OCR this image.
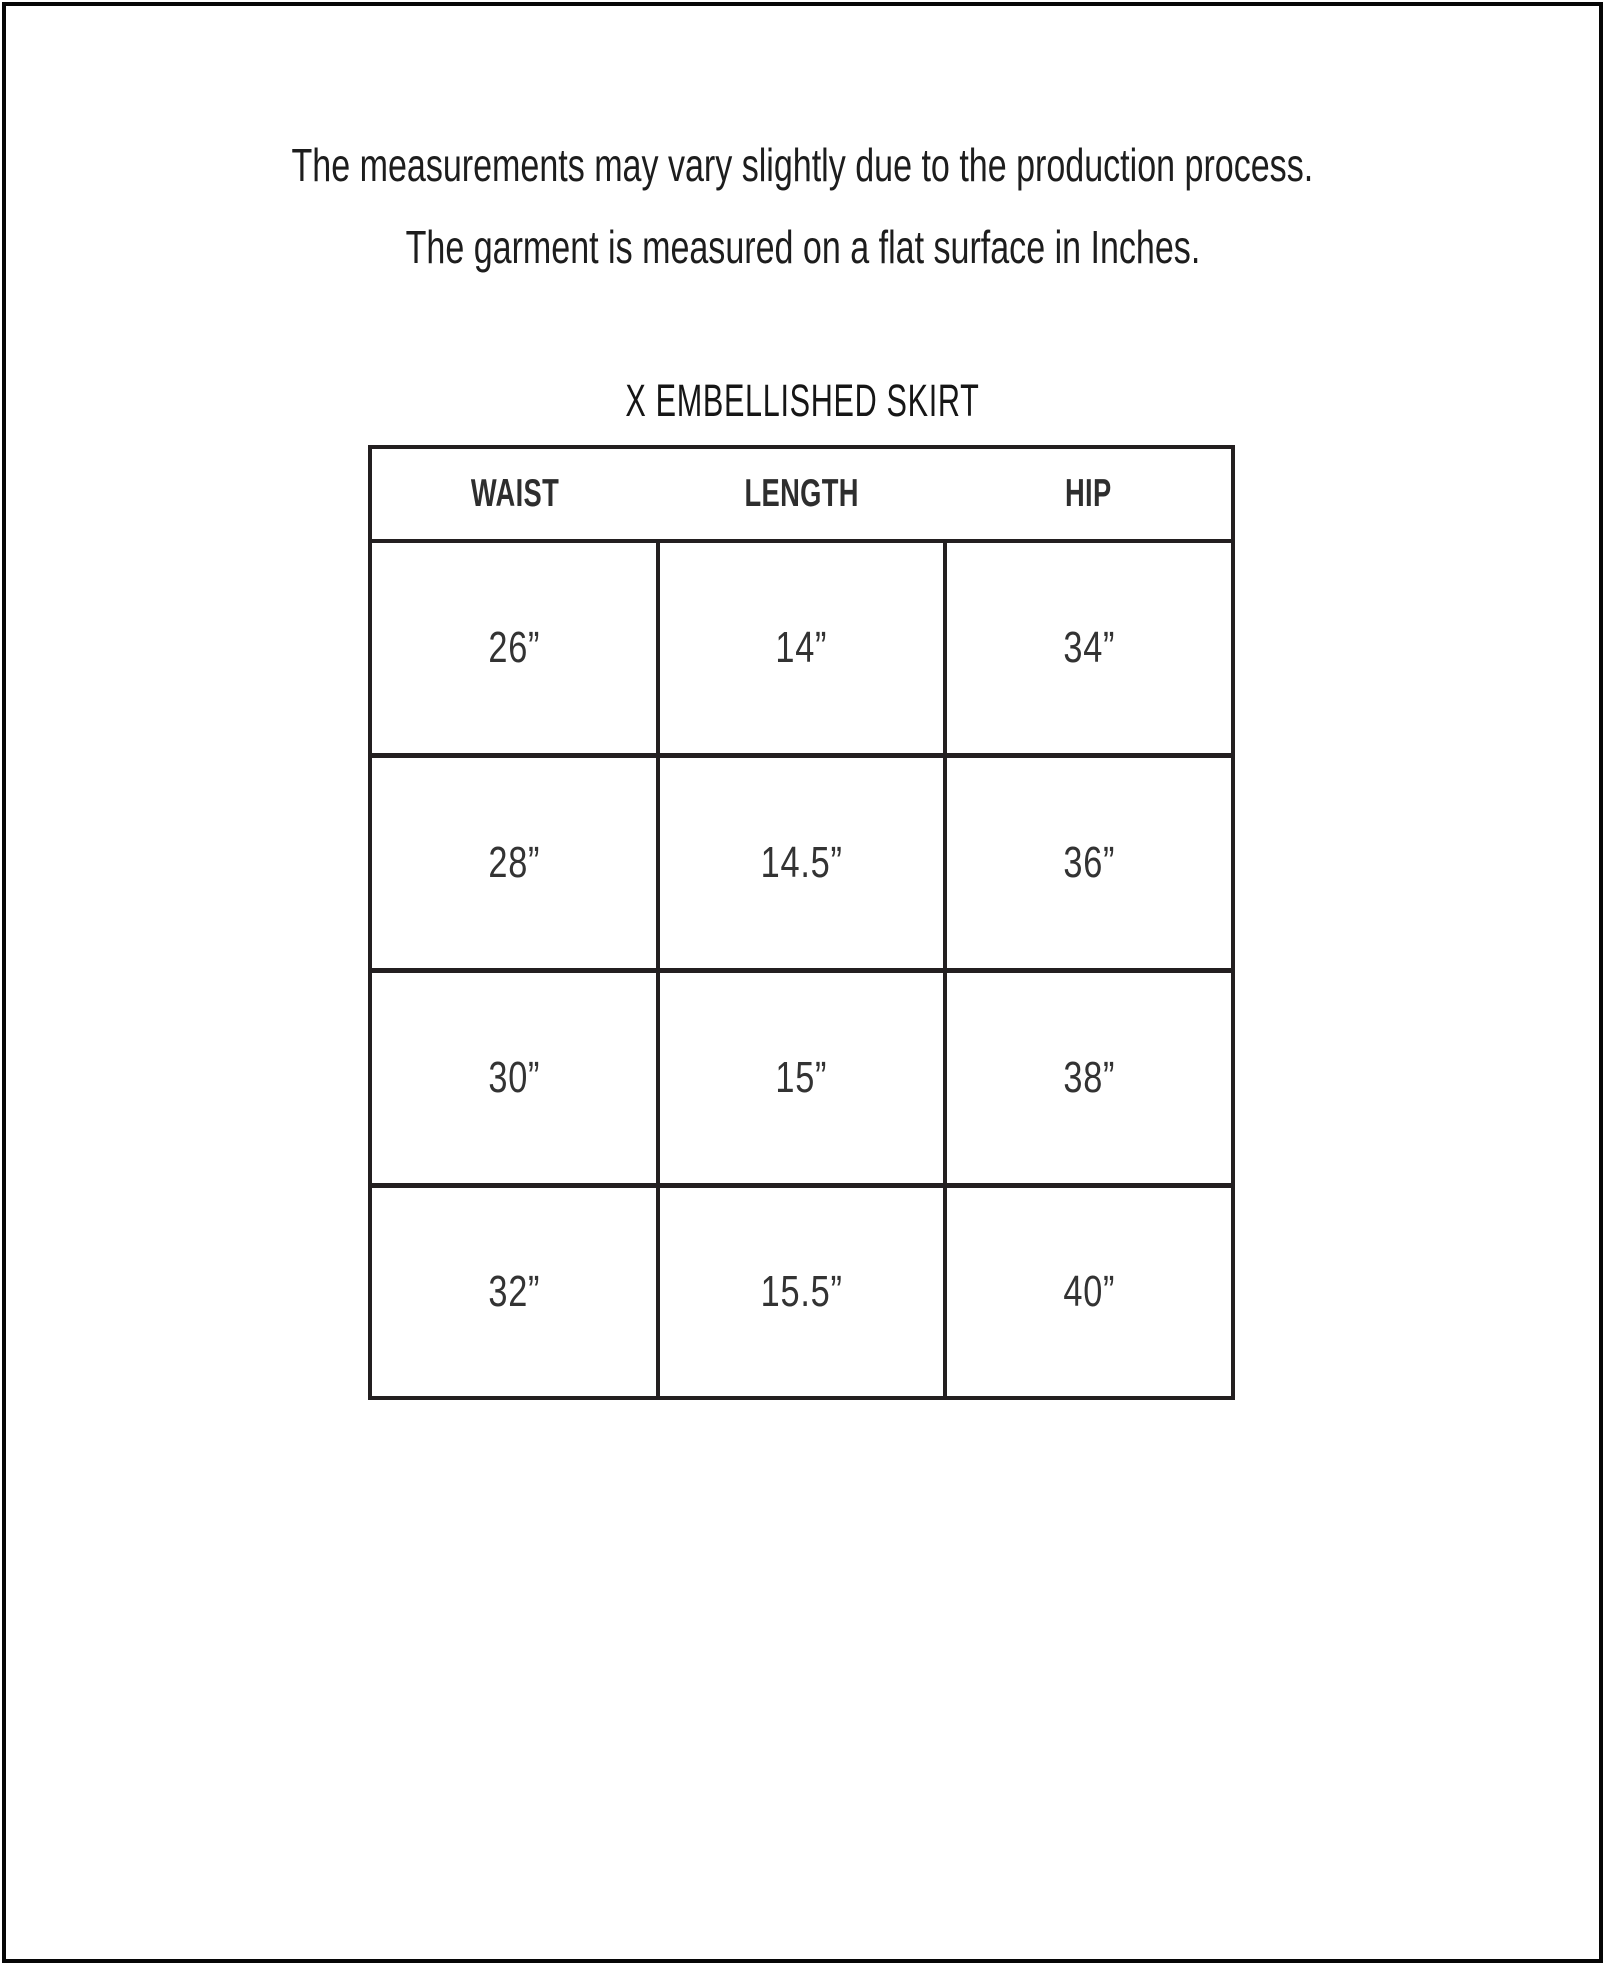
The measurements may vary slightly due to the production process.
The garment is measured on a flat surface in Inches.
X EMBELLISHED SKIRT
WAIST	LENGTH	HIP
26”	14”	34”
28”	14.5”	36”
30”	15”	38”
32”	15.5”	40”
